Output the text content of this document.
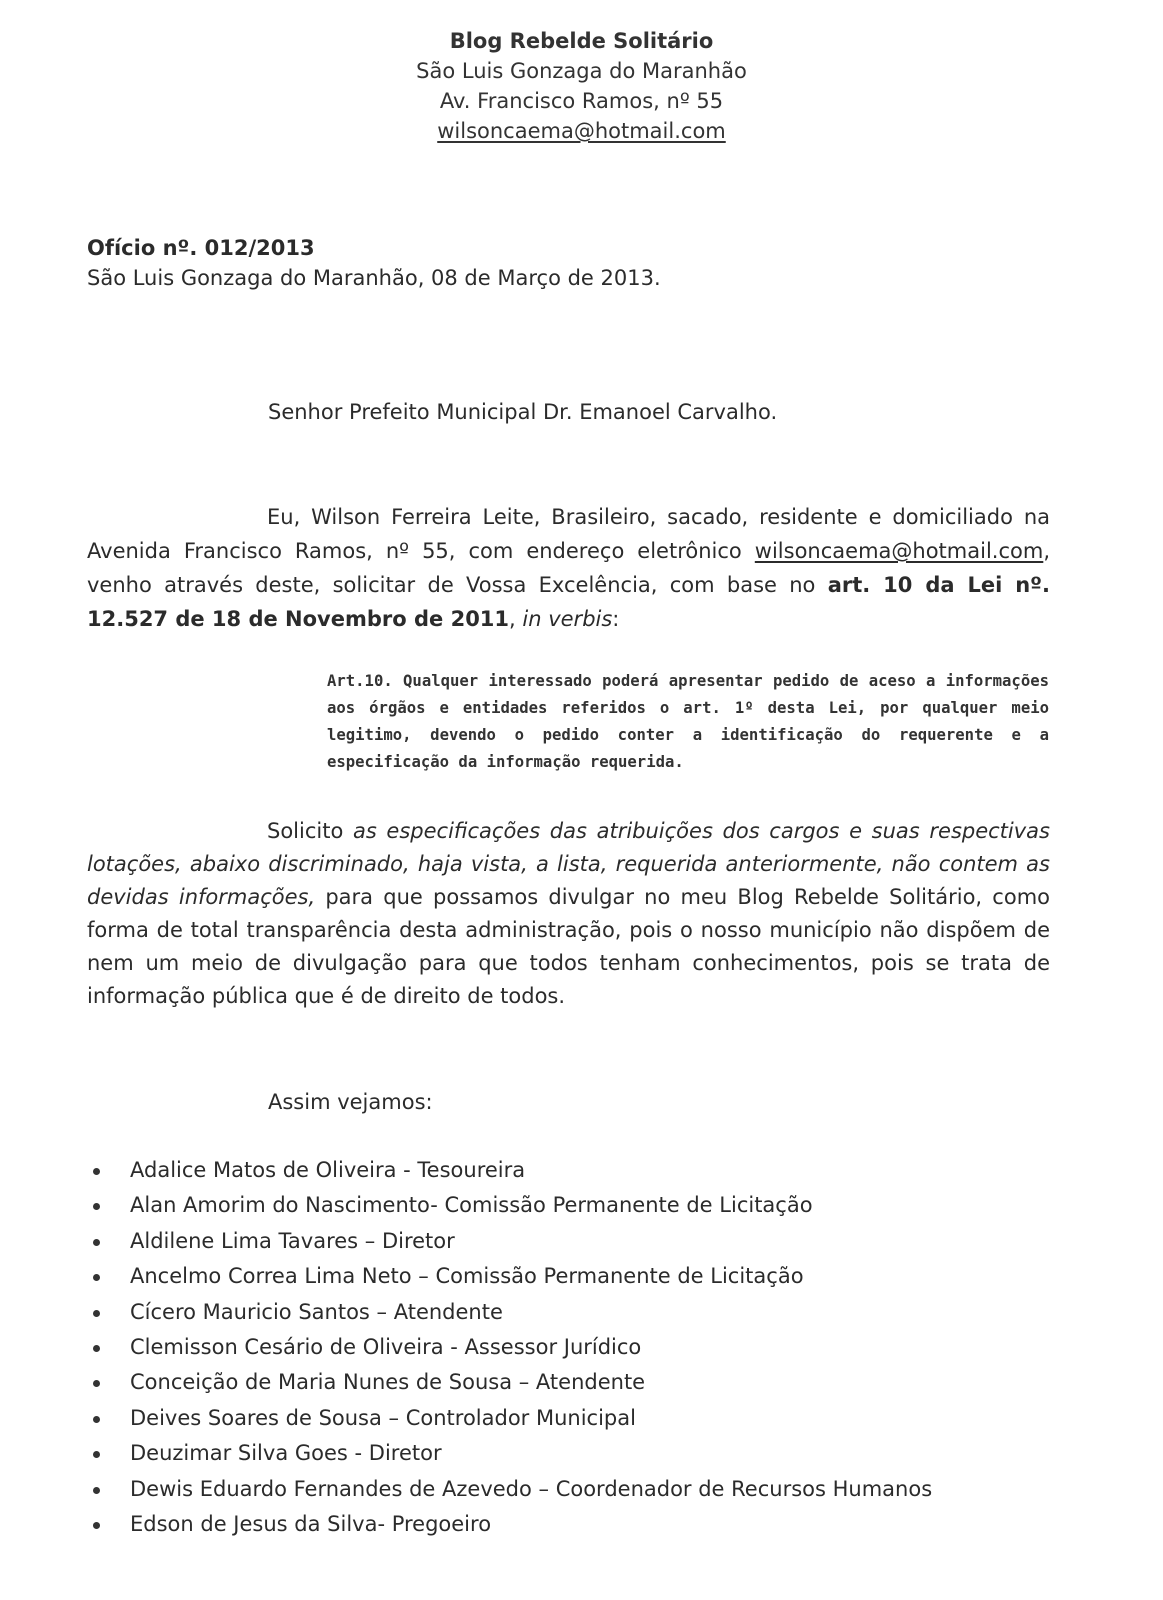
Blog Rebelde Solitário
São Luis Gonzaga do Maranhão
Av. Francisco Ramos, nº 55
wilsoncaema@hotmail.com
Ofício nº. 012/2013
São Luis Gonzaga do Maranhão, 08 de Março de 2013.
Senhor Prefeito Municipal Dr. Emanoel Carvalho.
Eu, Wilson Ferreira Leite, Brasileiro, sacado, residente e domiciliado na Avenida Francisco Ramos, nº 55, com endereço eletrônico wilsoncaema@hotmail.com, venho através deste, solicitar de Vossa Excelência, com base no art. 10 da Lei nº. 12.527 de 18 de Novembro de 2011, in verbis:
Art.10. Qualquer interessado poderá apresentar pedido de aceso a informações aos órgãos e entidades referidos o art. 1º desta Lei, por qualquer meio legitimo, devendo o pedido conter a identificação do requerente e a especificação da informação requerida.
Solicito as especificações das atribuições dos cargos e suas respectivas lotações, abaixo discriminado, haja vista, a lista, requerida anteriormente, não contem as devidas informações, para que possamos divulgar no meu Blog Rebelde Solitário, como forma de total transparência desta administração, pois o nosso município não dispõem de nem um meio de divulgação para que todos tenham conhecimentos, pois se trata de informação pública que é de direito de todos.
Assim vejamos:
Adalice Matos de Oliveira - Tesoureira
Alan Amorim do Nascimento- Comissão Permanente de Licitação
Aldilene Lima Tavares – Diretor
Ancelmo Correa Lima Neto – Comissão Permanente de Licitação
Cícero Mauricio Santos – Atendente
Clemisson Cesário de Oliveira - Assessor Jurídico
Conceição de Maria Nunes de Sousa – Atendente
Deives Soares de Sousa – Controlador Municipal
Deuzimar Silva Goes - Diretor
Dewis Eduardo Fernandes de Azevedo – Coordenador de Recursos Humanos
Edson de Jesus da Silva- Pregoeiro
